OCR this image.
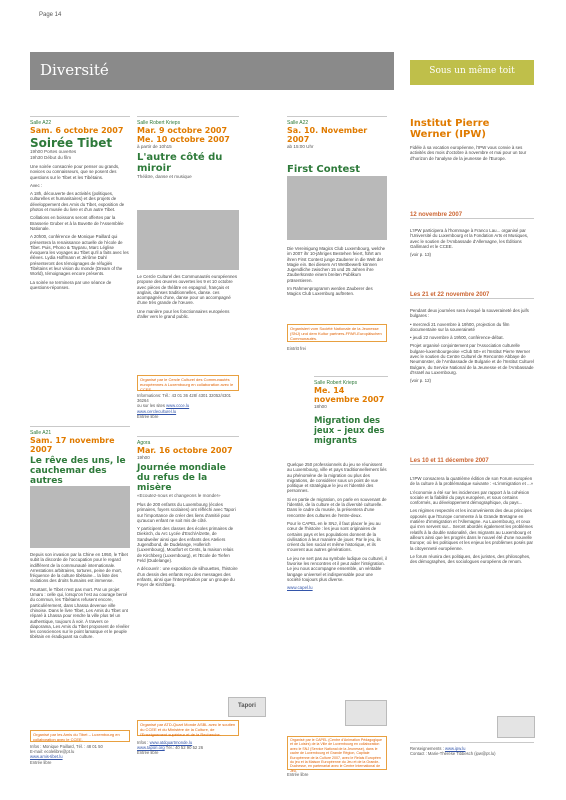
Page 14
Diversité	Sous un même toit
Salle A22
Sam. 6 octobre 2007
Soirée Tibet
19h00 Portes ouvertes
19h30 Début du film

Une soirée consacrée pour penser ou grands, novices ou connaisseurs, que se posent des questions sur le Tibet et les Tibétains.

Avec :

A 18h, découverte des activités (politiques, culturelles et humanitaires) et des projets de développement des Amis du Tibet, exposition de photos et musée du livre et d'un autre Tibet.

Collations en boissons seront offertes par la Brasserie Gruber et à la Buvette de l'Assemblée Nationale.

A 20h00, conférence de Monique Paillard qui présentera la renaissance actuelle de l'école de Tibet. Puis, Phono & Tayparu, Marc Léglise évoquera les voyages au Tibet qu'il a faits avec les élèves. Lydia Hoffmann et Jérôme Dahl présenteront des témoignages de réfugiés Tibétains et leur vision du monde (Dream of the World), témoignages encore présents.

La soirée se terminera par une séance de questions-réponses.

Salle A21
Sam. 17 novembre 2007
Le rêve des uns, le cauchemar des autres

Depuis son invasion par la Chine en 1950, le Tibet subit la discorde de l'occupation pour le regard indifférent de la communauté internationale. Arrestations arbitraires, tortures, peine de mort, fréquence de la culture tibétaine... la liste des violations des droits humains est immense.

Pourtant, le Tibet n'est pas mort. Par un projet Umaru : celle qui, lorsqu'on l'est au courage bercé du commun, les Tibétains refusent encore, particulièrement, dans Lhassa devenue ville chinoise. Dans le livre Tibet, Les Amis du Tibet ont réparé à Lhassa pour rendre la ville plus tel un authentique, toujours à voir. À travers ce diaporama, Les Amis du Tibet proposent de révéler les consciences sur le point lamaïque et le peuple tibétain en éradiquant sa culture.

Organisé par les Amis du Tibet – Luxembourg en collaboration avec le CCEE.
Infos : Monique Paillard, Tél. : 48 01 50
E-mail: ecolelibre@pt.lu
www.amis-tibet.lu
Entrée libre
Salle Robert Krieps
Mar. 9 octobre 2007
Me. 10 octobre 2007
à partir de 10h15
L'autre côté du miroir
Théâtre, danse et musique

Le Cercle Culturel des Communautés européennes propose des œuvres ouvertes les 9 et 10 octobre avec pièces de théâtre en espagnol, français et anglais, danses traditionnelles, danse. ces acompagnés d'une, danse pour un accompagné d'une très grande de l'œuvre.

Une manière pour les fonctionnaires européens d'aller vers le grand public.

Organisé par le Cercle Culturel des Communautés européennes à Luxembourg en collaboration avec le CCEE.
Informations: Tél.: 43 01 36 428/ 4301 32052/4301 36264
ou sur les sites www.ccce.lu
www.cercleculturel.lu
Entrée libre
Agora
Mar. 16 octobre 2007
19h00
Journée mondiale du refus de la misère
«Ecoutez-nous et changeons le monde!»

Plus de 200 enfants du Luxembourg (écoles primaires, foyers scolaires) ont réfléchi avec Tapori sur l'importance de créer des liens d'amitié pour qu'aucun enfant ne soit mis de côté.

Y participent des classes des écoles primaires de Diekirch, du Arc Lycée d'Esch/Alzette, de Sandweiler ainsi que des enfants des Ateliers Jugendbond, de Dudelange, Hollerich (Luxembourg), Moutfort et Cents, la maison relais de Kirchberg (Luxembourg), et l'Ecole de Tiefen Feld (Dudelange).

A découvrir : une exposition de silhouettes, l'histoire d'un dessin des enfants reçu des messages des enfants, ainsi que l'interprétation par un groupe du Foyer de Kirchberg.

Tapori
Organisé par ATD-Quart Monde ASBL avec le soutien du CCEE et du Ministère de la Culture, de l'Enseignement supérieur et de la Recherche.
Infos : www.atdquartmonde.lu
www.tapori.org Tél.: 40 52 90 52 26
Entrée libre
Salle A22
Sa. 10. November 2007
ab 15:00 Uhr
First Contest

Die Vereinigung Magics Club Luxembourg, welche im 2007 ihr 10-jähriges Bestehen feiert, führt am ihren First Contest junge Zauberer in die Welt der Magie ein. Bei diesem Art Wettbewerb können Jugendliche zwischen 15 und 25 Jahren ihre Zauberkünste einem breiten Publikum präsentieren.

Im Rahmenprogramm werden Zauberer des Magics Club Luxemburg auftreten.

Organisiert vom Société Nationale de la Jeunesse (SNJ) und dem Kultur partners-FPAR-Europäischen Communautés.
Eintritt frei
Salle Robert Krieps
Me. 14 novembre 2007
18h00
Migration des jeux – jeux des migrants

Quelque 250 professionnels du jeu se réunissent au Luxembourg, ville et pays traditionnellement liés au phénomène de la migration ou plus des migrations, de considérer sous un point de vue politique et stratégique le jeu et l'identité des personnes.

Si en partie de migration, on parle en souvenant de l'identité, de la culture et de la diversité culturelle. Dans le cadre du musée, la présentera d'une rencontre des cultures de l'entre-deux.

Pour le CAPEL en le SNJ, il faut placer le jeu au cœur de l'histoire : les jeux sont originaires de certains pays et les populations donnent de la civilisation à leur manière de jouer. Par le jeu, ils créent du lien social et même historique, et ils s'ouvrent aux autres générations.

Le jeu ne sert pas au symbole ludique ou culturel, il favorise les rencontres et il peut aider l'intégration. Le jeu nous accompagne ensemble, un véritable langage universel et indispensable pour une société toujours plus diverse.

www.capel.lu
Organisé par le CAPEL (Centre d'Animation Pédagogique et de Loisirs) de la Ville de Luxembourg en collaboration avec le SNJ (Service National de la Jeunesse), dans le cadre de Luxembourg et Grande Région, Capitale Européenne de la Culture 2007, avec le Relais Européen du jeu et la Maison Européenne du Jeu et de la Grande-Duchesse, en partenariat avec le Centre International de Jeu.
Entrée libre
Institut Pierre Werner (IPW)

Fidèle à sa vocation européenne, l'IPW vous convie à ses activités des mois d'octobre à novembre et mai pour un tour d'horizon de l'analyse de la jeunesse de l'Europe.

12 novembre 2007

L'IPW participera à l'hommage à Franco Lau... organisé par l'Université du Luxembourg et la Fondation Arts et Musiques, avec le soutien de l'Ambassade d'Allemagne, les Éditions Gallimard et le CCEE.

(voir p. 13)

Les 21 et 22 novembre 2007

Pendant deux journées sera évoqué la souveraineté des juifs bulgares :

• mercredi 21 novembre à 19h00, projection du film documentaire sur la souveraineté

• jeudi 22 novembre à 19h00, conférence-débat.

Projet organisé conjointement par l'Association culturelle bulgare-luxembourgeoise «Club 50» et l'Institut Pierre Werner avec le soutien du Centre Culturel de Rencontre Abbaye de Neumünster, de l'Ambassade de Bulgarie et de l'Institut Culturel Bulgare, du Service National de la Jeunesse et de l'Ambassade d'Israël au Luxembourg.

(voir p. 12)

Les 10 et 11 décembre 2007

L'IPW consacrera la quatrième édition de son Forum européen de la culture à la problématique suivante : «L'immigration et ...»

L'économie a été sur les incidences par rapport à la cohésion sociale et la fiabilité du pays européen, et sous certains conformés, au développement démographique, du pays...

Les régimes respectés et les inconvénients des deux principes opposés que l'Europe commente à la Grande Bretagne en matière d'immigration et l'Allemagne. Au Luxembourg, et ceux qui s'en servent sur... Seront abordés également les problèmes relatifs à la double nationalité, des migrants au Luxembourg et ailleurs ainsi que les progrès dans le nouvel été d'une nouvelle Europe; où les politiques et les enjeux les problèmes posés par la citoyenneté européenne.

Le forum réunira des politiques, des juristes, des philosophes, des démographes, des sociologues européens de renom.

Renseignements : www.ipw.lu
Contact : Marie-Thérèse Tibbesch (ipw@pt.lu)
